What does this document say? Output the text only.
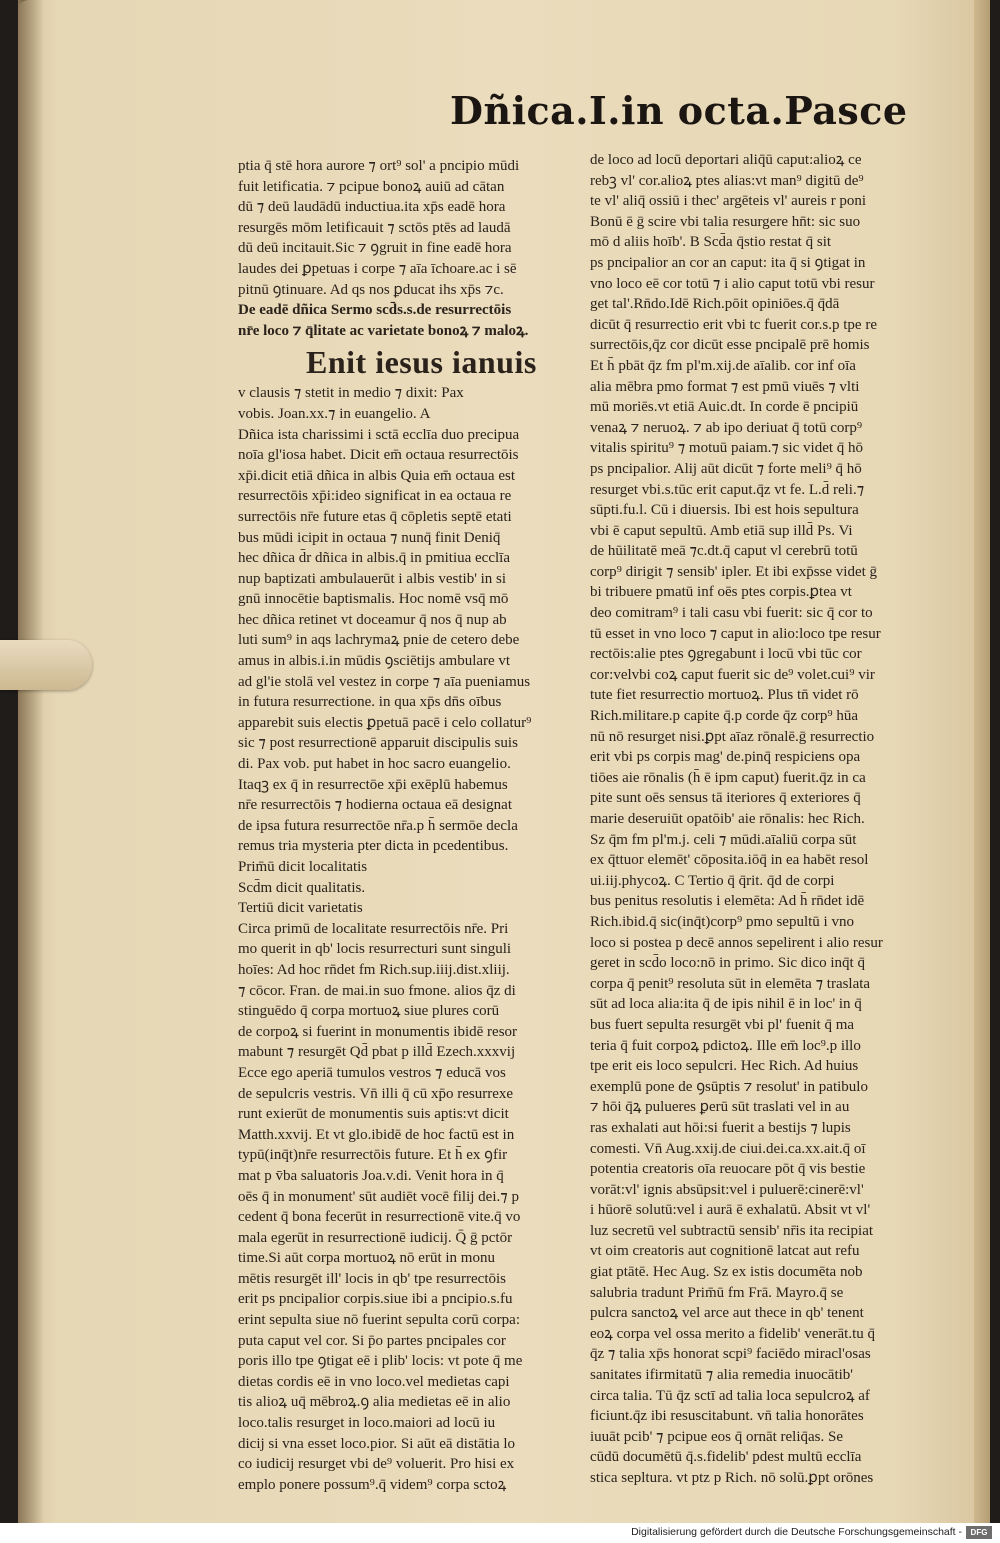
Dñica.I.in octa.Pasce
ptia q̄ stē hora aurore ⁊ ort⁹ sol' a pncipio mūdi
fuit letificatia. ⁊ pcipue bonoꝝ auiū ad cātan
dū ⁊ deū laudādū inductiua.ita xp̄s eadē hora
resurgēs mōm letificauit ⁊ sctōs ptēs ad laudā
dū deū incitauit.Sic ⁊ ꝯgruit in fine eadē hora
laudes dei ꝑpetuas i corpe ⁊ aīa īchoare.ac i sē
pitnū ꝯtinuare. Ad qs nos ꝑducat ihs xp̄s ⁊c.
De eadē dñica Sermo scd̄s.s.de resurrectōis
nr̄e loco ⁊ q̄litate ac varietate bonoꝝ ⁊ maloꝝ.
Enit iesus ianuis
v clausis ⁊ stetit in medio ⁊ dixit: Pax
vobis. Joan.xx.⁊ in euangelio. A
Dñica ista charissimi i sctā ecclīa duo precipua
noīa gl'iosa habet. Dicit em̄ octaua resurrectōis
xp̄i.dicit etiā dñica in albis Quia em̄ octaua est
resurrectōis xp̄i:ideo significat in ea octaua re
surrectōis nr̄e future etas q̄ cōpletis septē etati
bus mūdi icipit in octaua ⁊ nunq̄ finit Deniq̄
hec dñica d̄r dñica in albis.q̄ in pmitiua ecclīa
nup baptizati ambulauerūt i albis vestib' in si
gnū innocētie baptismalis. Hoc nomē vsq̄ mō
hec dñica retinet vt doceamur q̄ nos q̄ nup ab
luti sum⁹ in aqs lachrymaꝝ pnie de cetero debe
amus in albis.i.in mūdis ꝯsciētijs ambulare vt
ad gl'ie stolā vel vestez in corpe ⁊ aīa pueniamus
in futura resurrectione. in qua xp̄s dn̄s oībus
apparebit suis electis ꝑpetuā pacē i celo collatur⁹
sic ⁊ post resurrectionē apparuit discipulis suis
di. Pax vob. put habet in hoc sacro euangelio.
Itaqꝫ ex q̄ in resurrectōe xp̄i exēplū habemus
nr̄e resurrectōis ⁊ hodierna octaua eā designat
de ipsa futura resurrectōe nr̄a.p h̄ sermōe decla
remus tria mysteria pter dicta in pcedentibus.
Prim̄ū dicit localitatis
Scd̄m dicit qualitatis.
Tertiū dicit varietatis
Circa primū de localitate resurrectōis nr̄e. Pri
mo querit in qb' locis resurrecturi sunt singuli
hoīes: Ad hoc rn̄det fm Rich.sup.iiij.dist.xliij.
⁊ cōcor. Fran. de mai.in suo fmone. alios q̄z di
stinguēdo q̄ corpa mortuoꝝ siue plures corū
de corpoꝝ si fuerint in monumentis ibidē resor
mabunt ⁊ resurgēt Qd̄ pbat p illd̄ Ezech.xxxvij
Ecce ego aperiā tumulos vestros ⁊ educā vos
de sepulcris vestris. Vn̄ illi q̄ cū xp̄o resurrexe
runt exierūt de monumentis suis aptis:vt dicit
Matth.xxvij. Et vt glo.ibidē de hoc factū est in
typū(inq̄t)nr̄e resurrectōis future. Et h̄ ex ꝯfir
mat p v̄ba saluatoris Joa.v.di. Venit hora in q̄
oēs q̄ in monument' sūt audiēt vocē filij dei.⁊ p
cedent q̄ bona fecerūt in resurrectionē vite.q̄ vo
mala egerūt in resurrectionē iudicij. Q̄ ḡ pctōr
time.Si aūt corpa mortuoꝝ nō erūt in monu
mētis resurgēt ill' locis in qb' tpe resurrectōis
erit ps pncipalior corpis.siue ibi a pncipio.s.fu
erint sepulta siue nō fuerint sepulta corū corpa:
puta caput vel cor. Si p̄o partes pncipales cor
poris illo tpe ꝯtigat eē i plib' locis: vt pote q̄ me
dietas cordis eē in vno loco.vel medietas capi
tis alioꝝ uq̄ mēbroꝝ.ꝯ alia medietas eē in alio
loco.talis resurget in loco.maiori ad locū iu
dicij si vna esset loco.pior. Si aūt eā distātia lo
co iudicij resurget vbi de⁹ voluerit. Pro hisi ex
emplo ponere possum⁹.q̄ videm⁹ corpa sctoꝝ
de loco ad locū deportari aliq̄ū caput:alioꝝ ce
rebꝫ vl' cor.alioꝝ ptes alias:vt man⁹ digitū de⁹
te vl' aliq̄ ossiū i thec' argēteis vl' aureis r poni
Bonū ē ḡ scire vbi talia resurgere hn̄t: sic suo
mō d aliis hoīb'. B Scd̄a q̄stio restat q̄ sit
ps pncipalior an cor an caput: ita q̄ si ꝯtigat in
vno loco eē cor totū ⁊ i alio caput totū vbi resur
get tal'.Rn̄do.Idē Rich.pōit opiniōes.q̄ q̄dā
dicūt q̄ resurrectio erit vbi tc fuerit cor.s.p tpe re
surrectōis,q̄z cor dicūt esse pncipalē prē homis
Et h̄ pbāt q̄z fm pl'm.xij.de aīalib. cor inf oīa
alia mēbra pmo format ⁊ est pmū viuēs ⁊ vlti
mū moriēs.vt etiā Auic.dt. In corde ē pncipiū
venaꝝ ⁊ neruoꝝ. ⁊ ab ipo deriuat q̄ totū corp⁹
vitalis spiritu⁹ ⁊ motuū paiam.⁊ sic videt q̄ hō
ps pncipalior. Alij aūt dicūt ⁊ forte meli⁹ q̄ hō
resurget vbi.s.tūc erit caput.q̄z vt fe. L.d̄ reli.⁊
sūpti.fu.l. Cū i diuersis. Ibi est hois sepultura
vbi ē caput sepultū. Amb etiā sup illd̄ Ps. Vi
de hūilitatē meā ⁊c.dt.q̄ caput vl cerebrū totū
corp⁹ dirigit ⁊ sensib' ipler. Et ibi exp̄sse videt ḡ
bi tribuere pmatū inf oēs ptes corpis.ꝑtea vt
deo comitram⁹ i tali casu vbi fuerit: sic q̄ cor to
tū esset in vno loco ⁊ caput in alio:loco tpe resur
rectōis:alie ptes ꝯgregabunt i locū vbi tūc cor
cor:velvbi coꝝ caput fuerit sic de⁹ volet.cui⁹ vir
tute fiet resurrectio mortuoꝝ. Plus tn̄ videt rō
Rich.militare.p capite q̄.p corde q̄z corp⁹ hūa
nū nō resurget nisi.ꝑpt aīaz rōnalē.ḡ resurrectio
erit vbi ps corpis mag' de.pinq̄ respiciens opa
tiōes aie rōnalis (h̄ ē ipm caput) fuerit.q̄z in ca
pite sunt oēs sensus tā iteriores q̄ exteriores q̄
marie deseruiūt opatōib' aie rōnalis: hec Rich.
Sz q̄m fm pl'm.j. celi ⁊ mūdi.aīaliū corpa sūt
ex q̄ttuor elemēt' cōposita.iōq̄ in ea habēt resol
ui.iij.phycoꝝ. C Tertio q̄ q̄rit. q̄d de corpi
bus penitus resolutis i elemēta: Ad h̄ rn̄det idē
Rich.ibid.q̄ sic(inq̄t)corp⁹ pmo sepultū i vno
loco si postea p decē annos sepelirent i alio resur
geret in scd̄o loco:nō in primo. Sic dico inq̄t q̄
corpa q̄ penit⁹ resoluta sūt in elemēta ⁊ traslata
sūt ad loca alia:ita q̄ de ipis nihil ē in loc' in q̄
bus fuert sepulta resurgēt vbi pl' fuenit q̄ ma
teria q̄ fuit corpoꝝ pdictoꝝ. Ille em̄ loc⁹.p illo
tpe erit eis loco sepulcri. Hec Rich. Ad huius
exemplū pone de ꝯsūptis ⁊ resolut' in patibulo
⁊ hōi q̄ꝝ pulueres ꝑerū sūt traslati vel in au
ras exhalati aut hōi:si fuerit a bestijs ⁊ lupis
comesti. Vn̄ Aug.xxij.de ciui.dei.ca.xx.ait.q̄ oī
potentia creatoris oīa reuocare pōt q̄ vis bestie
vorāt:vl' ignis absūpsit:vel i puluerē:cinerē:vl'
i hūorē solutū:vel i aurā ē exhalatū. Absit vt vl'
luz secretū vel subtractū sensib' nr̄is ita recipiat
vt oim creatoris aut cognitionē latcat aut refu
giat ptātē. Hec Aug. Sz ex istis documēta nob
salubria tradunt Prim̄ū fm Frā. Mayro.q̄ se
pulcra sanctoꝝ vel arce aut thece in qb' tenent
eoꝝ corpa vel ossa merito a fidelib' venerāt.tu q̄
q̄z ⁊ talia xp̄s honorat scpi⁹ faciēdo miracl'osas
sanitates ifirmitatū ⁊ alia remedia inuocātib'
circa talia. Tū q̄z sctī ad talia loca sepulcroꝝ af
ficiunt.q̄z ibi resuscitabunt. vn̄ talia honorātes
iuuāt pcib' ⁊ pcipue eos q̄ ornāt reliq̄as. Se
cūdū documētū q̄.s.fidelib' pdest multū ecclīa
stica sepltura. vt ptz p Rich. nō solū.ꝑpt orōnes
Digitalisierung gefördert durch die Deutsche Forschungsgemeinschaft -	DFG
